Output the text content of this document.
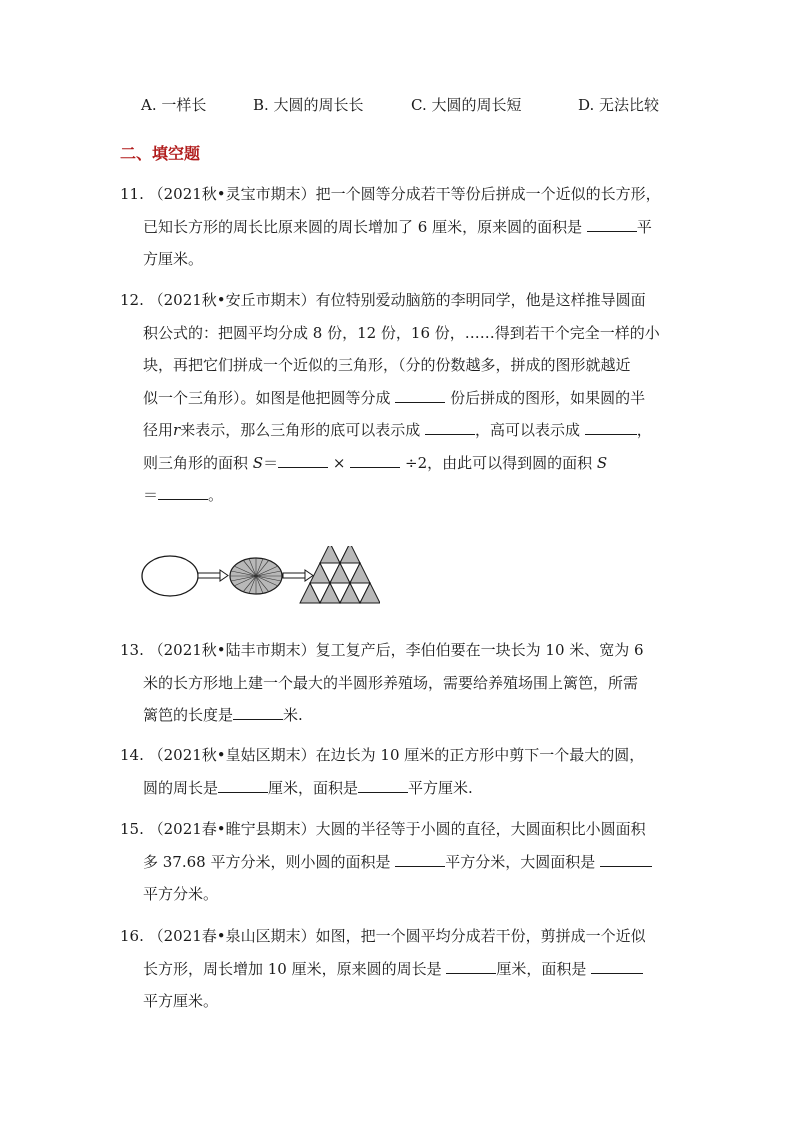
A. 一样长	B. 大圆的周长长	C. 大圆的周长短	D. 无法比较
二、填空题
11. （2021秋•灵宝市期末）把一个圆等分成若干等份后拼成一个近似的长方形，
已知长方形的周长比原来圆的周长增加了 6 厘米，原来圆的面积是	平
方厘米。
12. （2021秋•安丘市期末）有位特别爱动脑筋的李明同学，他是这样推导圆面
积公式的：把圆平均分成 8 份，12 份，16 份，……得到若干个完全一样的小
块，再把它们拼成一个近似的三角形，（分的份数越多，拼成的图形就越近
似一个三角形）。如图是他把圆等分成	份后拼成的图形，如果圆的半
径用r来表示，那么三角形的底可以表示成	，高可以表示成	，
则三角形的面积 S＝	×	÷2，由此可以得到圆的面积 S
＝	。
13. （2021秋•陆丰市期末）复工复产后，李伯伯要在一块长为 10 米、宽为 6
米的长方形地上建一个最大的半圆形养殖场，需要给养殖场围上篱笆，所需
篱笆的长度是	米.
14. （2021秋•皇姑区期末）在边长为 10 厘米的正方形中剪下一个最大的圆，
圆的周长是	厘米，面积是	平方厘米.
15. （2021春•睢宁县期末）大圆的半径等于小圆的直径，大圆面积比小圆面积
多 37.68 平方分米，则小圆的面积是	平方分米，大圆面积是
平方分米。
16. （2021春•泉山区期末）如图，把一个圆平均分成若干份，剪拼成一个近似
长方形，周长增加 10 厘米，原来圆的周长是	厘米，面积是
平方厘米。
